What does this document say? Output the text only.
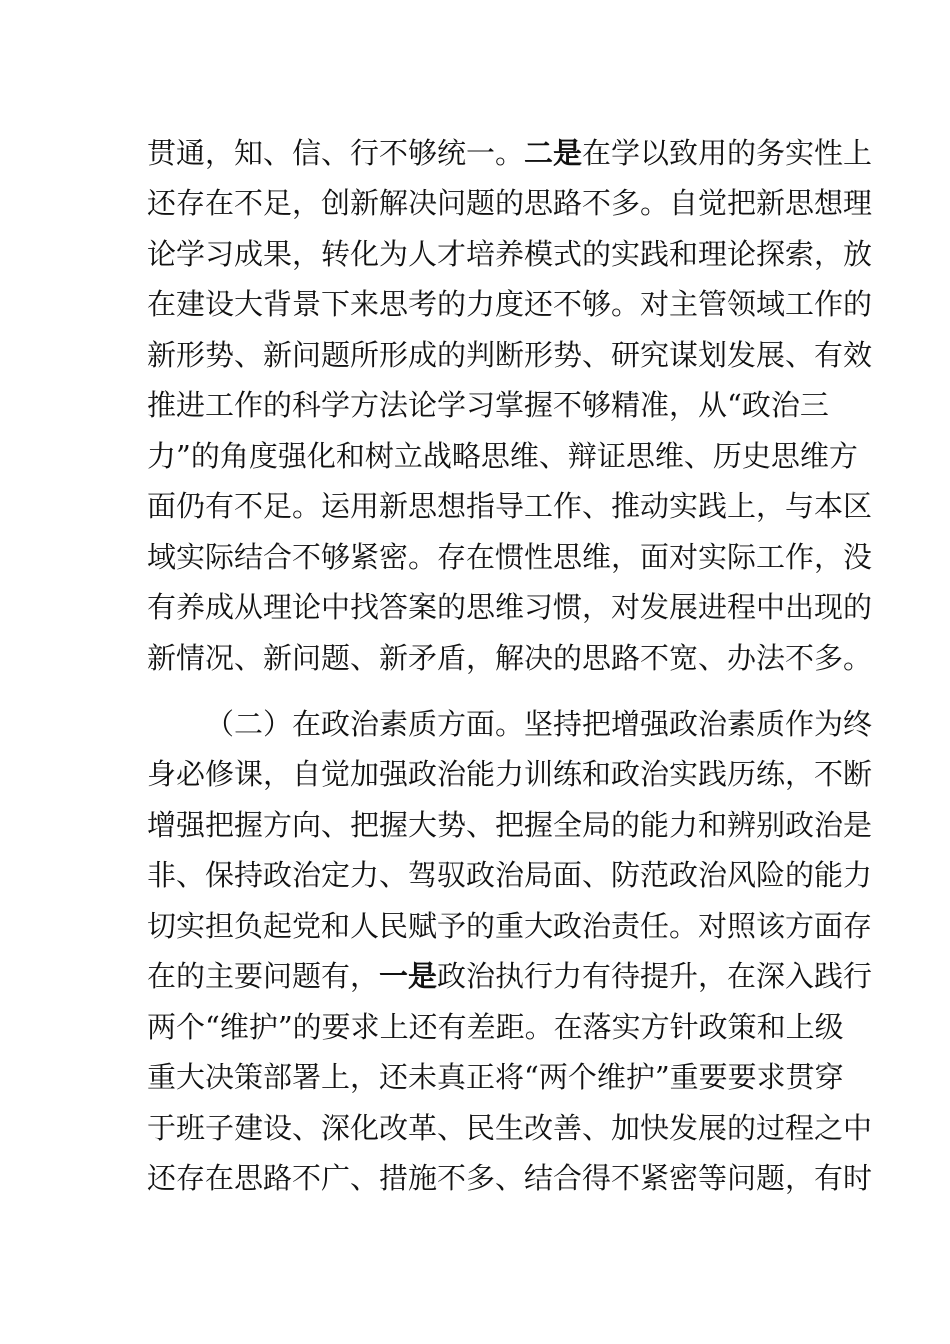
贯通，知、信、行不够统一。二是在学以致用的务实性上
还存在不足，创新解决问题的思路不多。自觉把新思想理
论学习成果，转化为人才培养模式的实践和理论探索，放
在建设大背景下来思考的力度还不够。对主管领域工作的
新形势、新问题所形成的判断形势、研究谋划发展、有效
推进工作的科学方法论学习掌握不够精准，从“政治三
力”的角度强化和树立战略思维、辩证思维、历史思维方
面仍有不足。运用新思想指导工作、推动实践上，与本区
域实际结合不够紧密。存在惯性思维，面对实际工作，没
有养成从理论中找答案的思维习惯，对发展进程中出现的
新情况、新问题、新矛盾，解决的思路不宽、办法不多。
（二）在政治素质方面。坚持把增强政治素质作为终
身必修课，自觉加强政治能力训练和政治实践历练，不断
增强把握方向、把握大势、把握全局的能力和辨别政治是
非、保持政治定力、驾驭政治局面、防范政治风险的能力
切实担负起党和人民赋予的重大政治责任。对照该方面存
在的主要问题有，一是政治执行力有待提升，在深入践行
两个“维护”的要求上还有差距。在落实方针政策和上级
重大决策部署上，还未真正将“两个维护”重要要求贯穿
于班子建设、深化改革、民生改善、加快发展的过程之中
还存在思路不广、措施不多、结合得不紧密等问题，有时
